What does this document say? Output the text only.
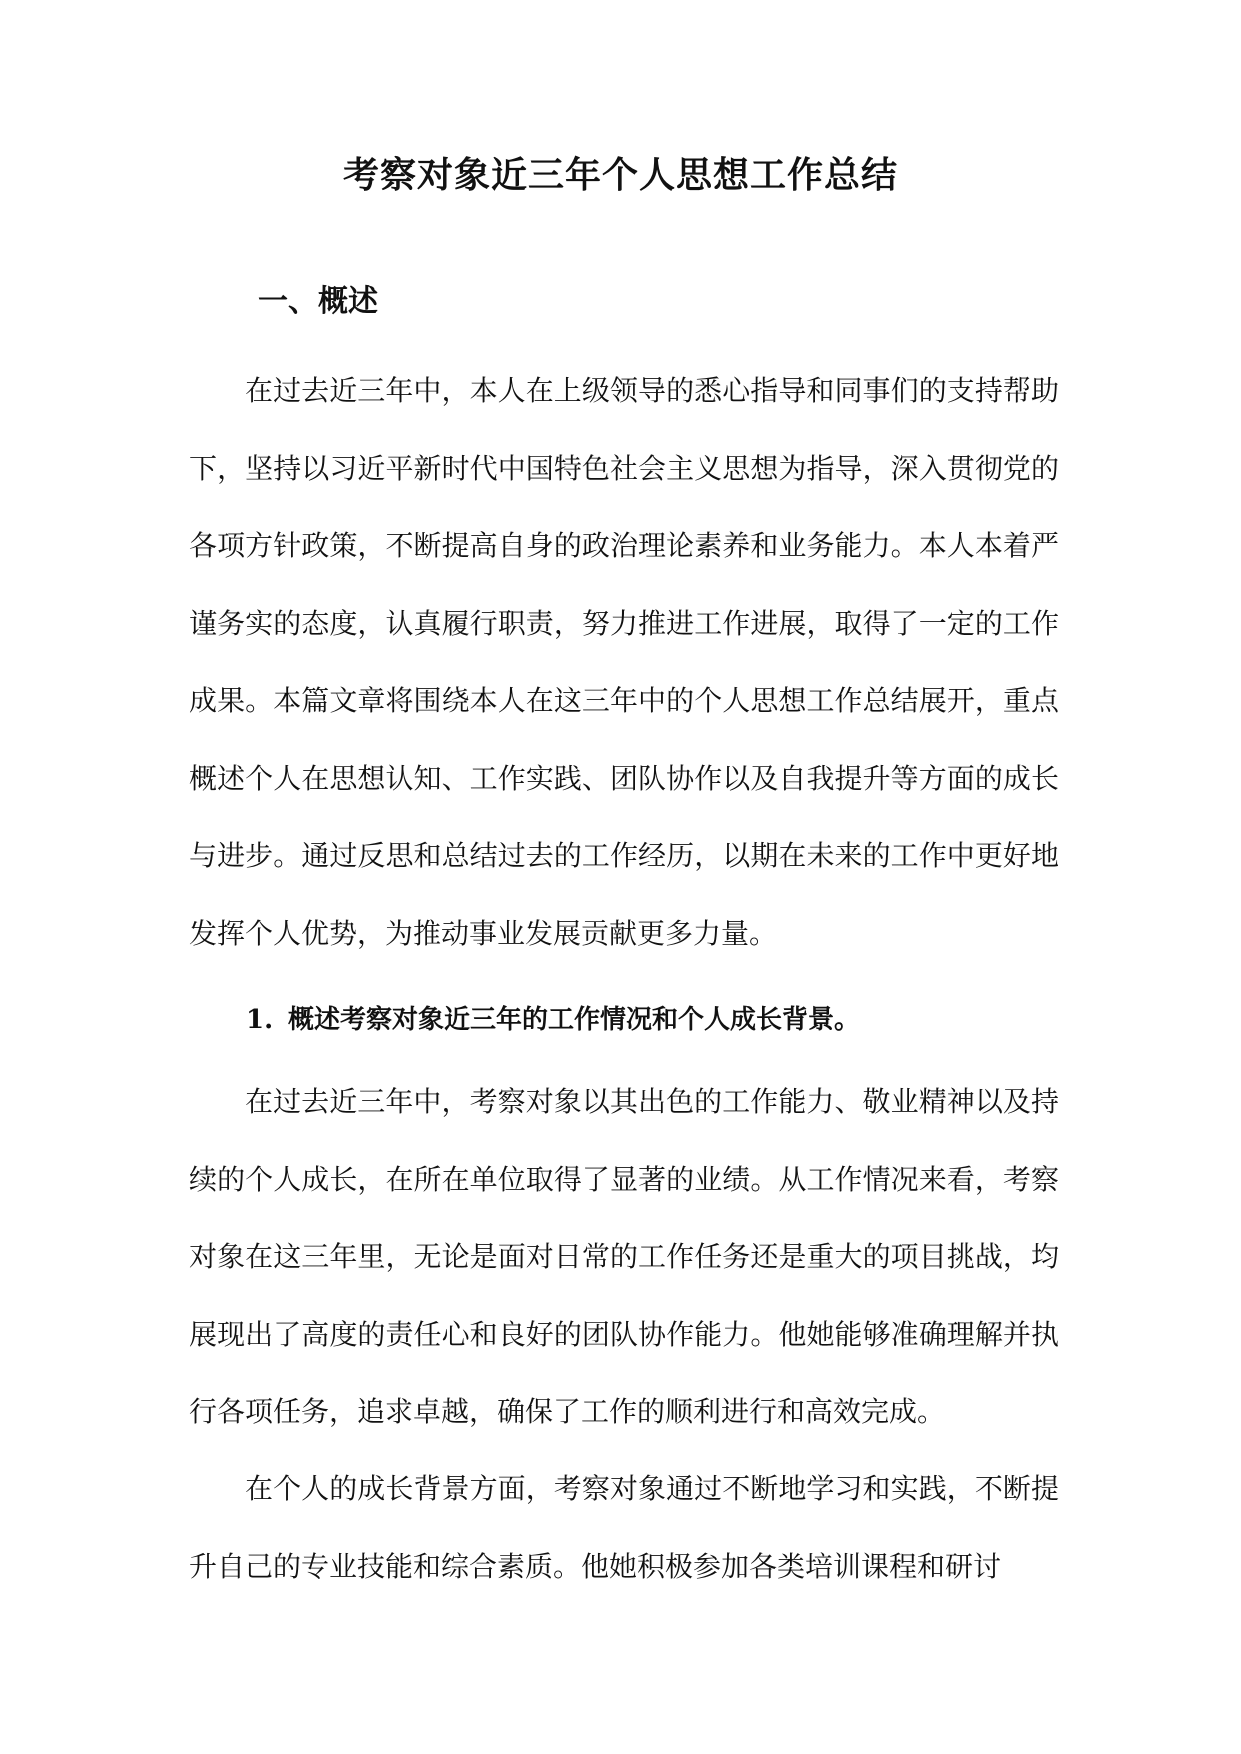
考察对象近三年个人思想工作总结
一、概述

在过去近三年中，本人在上级领导的悉心指导和同事们的支持帮助下，坚持以习近平新时代中国特色社会主义思想为指导，深入贯彻党的各项方针政策，不断提高自身的政治理论素养和业务能力。本人本着严谨务实的态度，认真履行职责，努力推进工作进展，取得了一定的工作成果。本篇文章将围绕本人在这三年中的个人思想工作总结展开，重点概述个人在思想认知、工作实践、团队协作以及自我提升等方面的成长与进步。通过反思和总结过去的工作经历，以期在未来的工作中更好地发挥个人优势，为推动事业发展贡献更多力量。

1. 概述考察对象近三年的工作情况和个人成长背景。

在过去近三年中，考察对象以其出色的工作能力、敬业精神以及持续的个人成长，在所在单位取得了显著的业绩。从工作情况来看，考察对象在这三年里，无论是面对日常的工作任务还是重大的项目挑战，均展现出了高度的责任心和良好的团队协作能力。他她能够准确理解并执行各项任务，追求卓越，确保了工作的顺利进行和高效完成。

在个人的成长背景方面，考察对象通过不断地学习和实践，不断提升自己的专业技能和综合素质。他她积极参加各类培训课程和研讨
